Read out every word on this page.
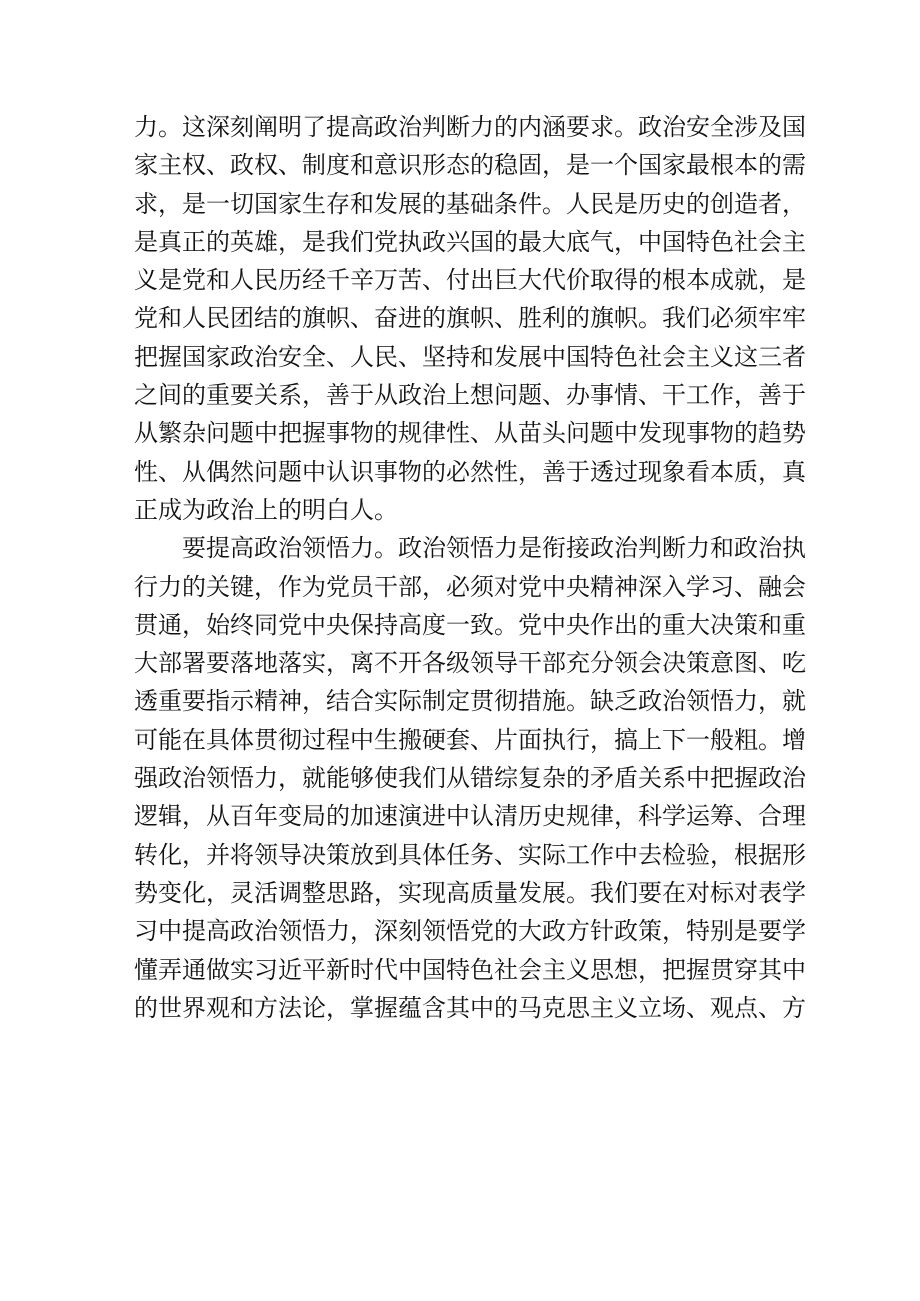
力。这深刻阐明了提高政治判断力的内涵要求。政治安全涉及国
家主权、政权、制度和意识形态的稳固，是一个国家最根本的需
求，是一切国家生存和发展的基础条件。人民是历史的创造者，
是真正的英雄，是我们党执政兴国的最大底气，中国特色社会主
义是党和人民历经千辛万苦、付出巨大代价取得的根本成就，是
党和人民团结的旗帜、奋进的旗帜、胜利的旗帜。我们必须牢牢
把握国家政治安全、人民、坚持和发展中国特色社会主义这三者
之间的重要关系，善于从政治上想问题、办事情、干工作，善于
从繁杂问题中把握事物的规律性、从苗头问题中发现事物的趋势
性、从偶然问题中认识事物的必然性，善于透过现象看本质，真
正成为政治上的明白人。
要提高政治领悟力。政治领悟力是衔接政治判断力和政治执
行力的关键，作为党员干部，必须对党中央精神深入学习、融会
贯通，始终同党中央保持高度一致。党中央作出的重大决策和重
大部署要落地落实，离不开各级领导干部充分领会决策意图、吃
透重要指示精神，结合实际制定贯彻措施。缺乏政治领悟力，就
可能在具体贯彻过程中生搬硬套、片面执行，搞上下一般粗。增
强政治领悟力，就能够使我们从错综复杂的矛盾关系中把握政治
逻辑，从百年变局的加速演进中认清历史规律，科学运筹、合理
转化，并将领导决策放到具体任务、实际工作中去检验，根据形
势变化，灵活调整思路，实现高质量发展。我们要在对标对表学
习中提高政治领悟力，深刻领悟党的大政方针政策，特别是要学
懂弄通做实习近平新时代中国特色社会主义思想，把握贯穿其中
的世界观和方法论，掌握蕴含其中的马克思主义立场、观点、方
